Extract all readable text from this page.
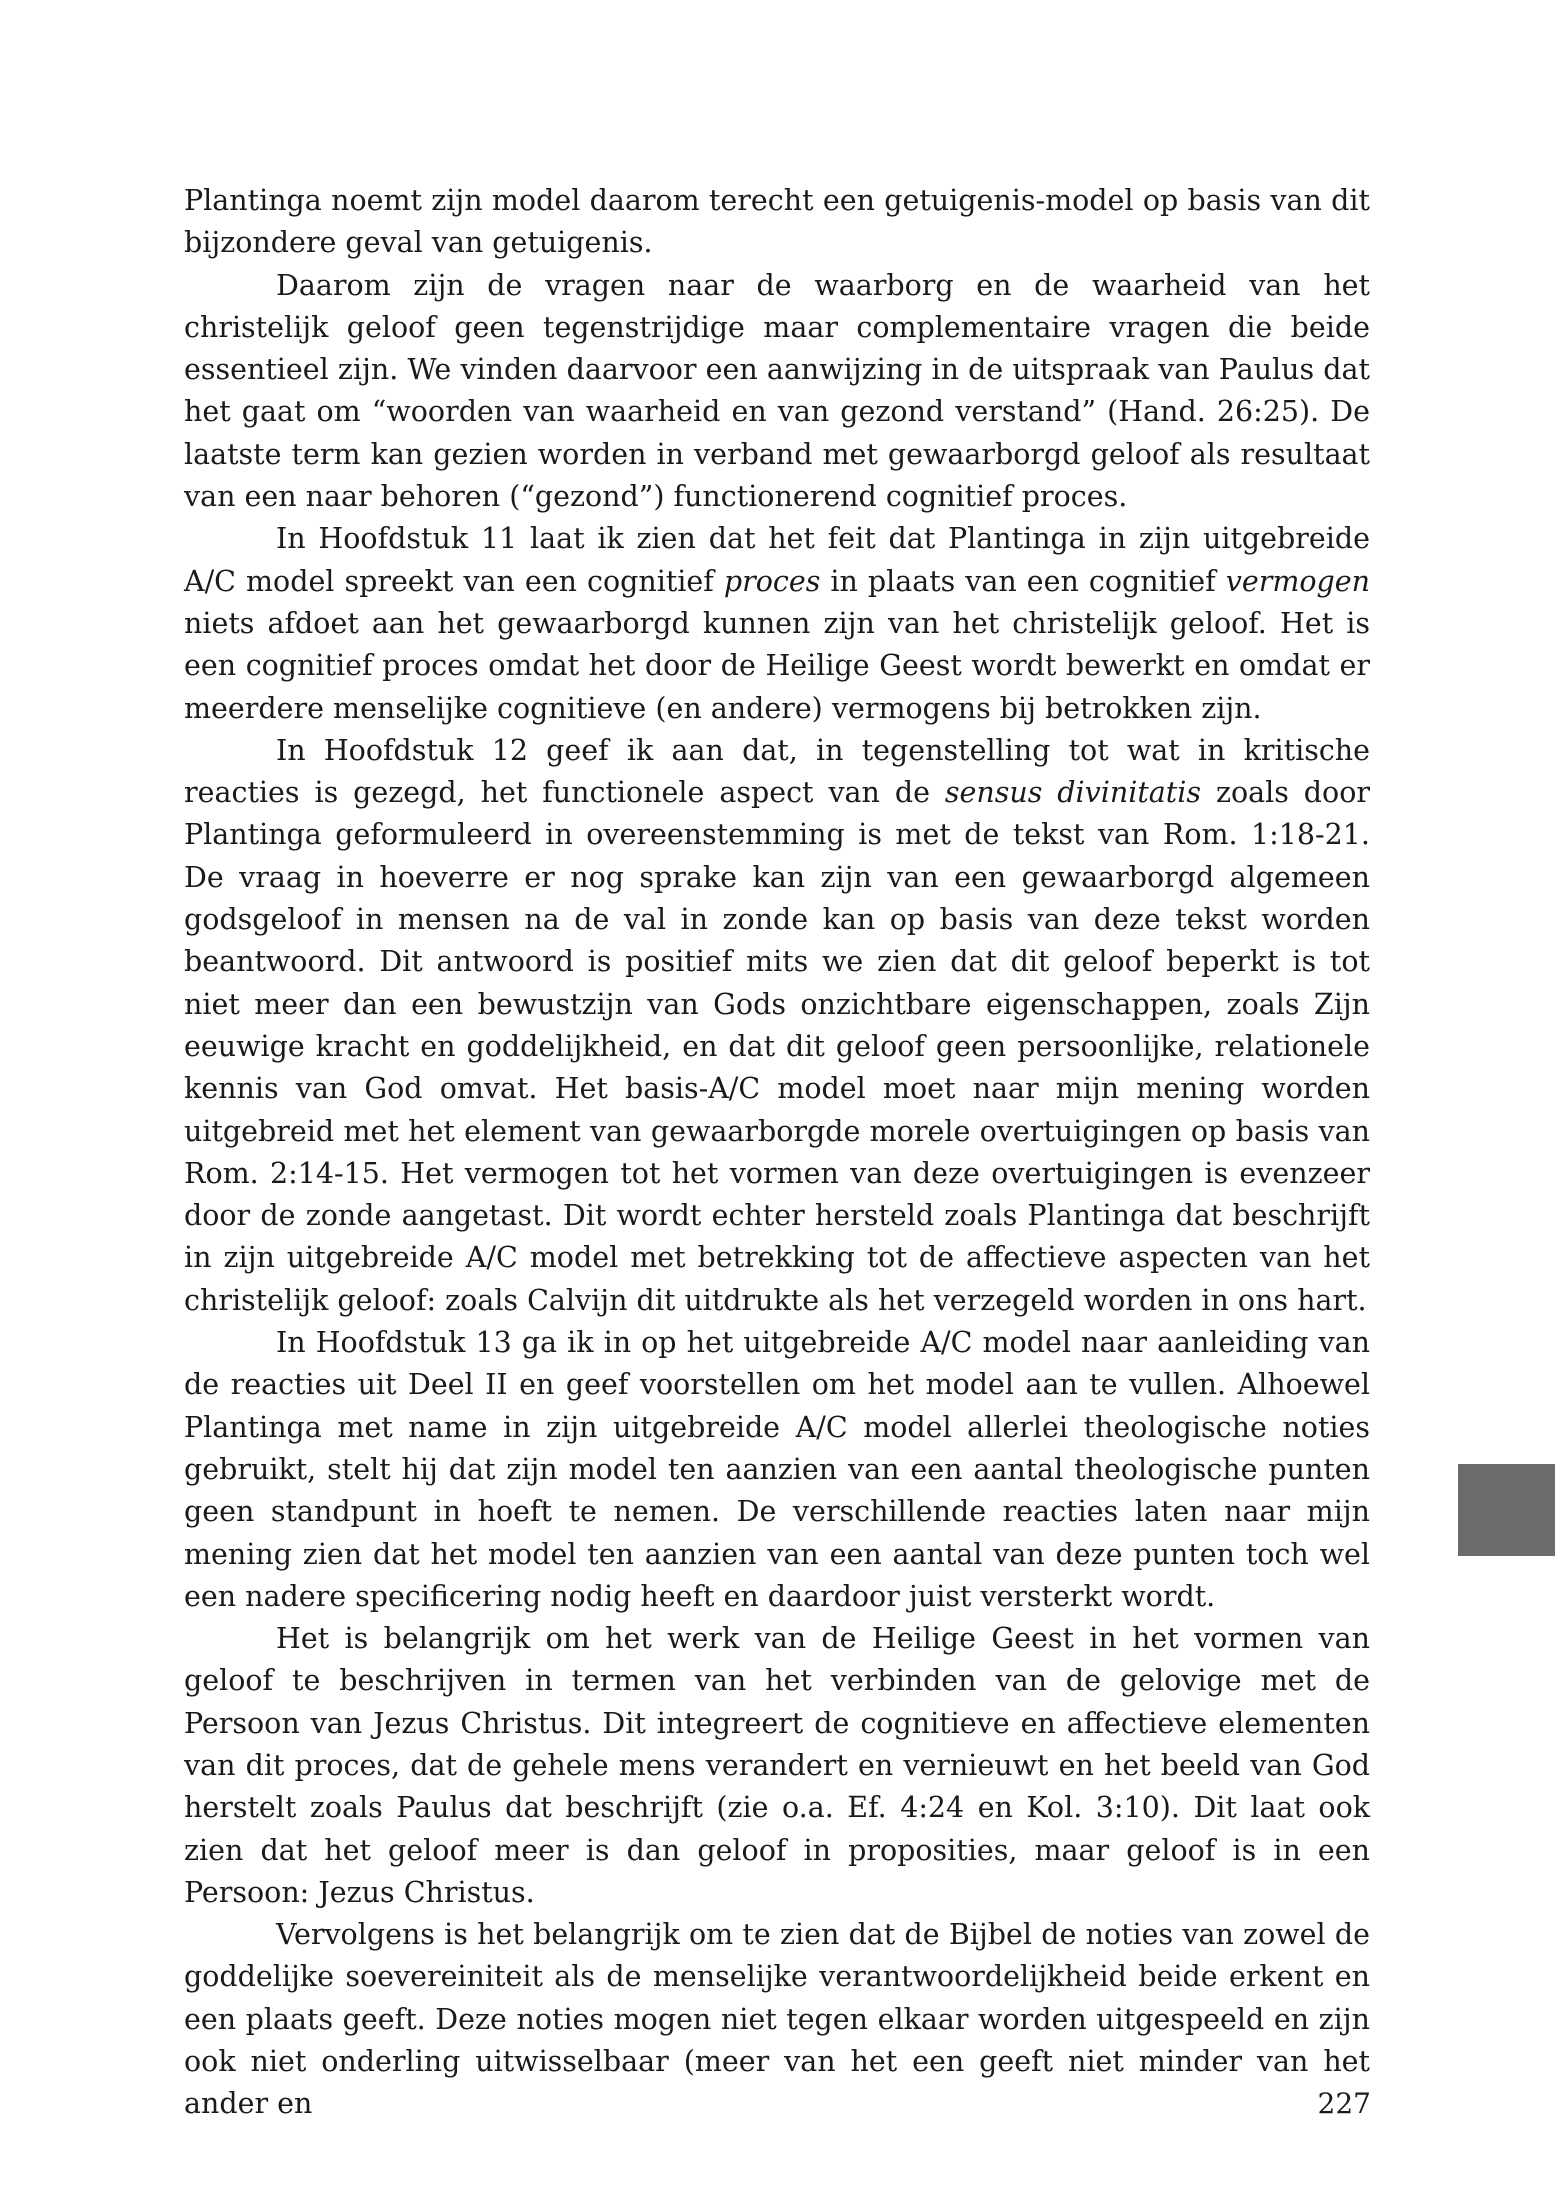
Plantinga noemt zijn model daarom terecht een getuigenis-model op basis van dit bijzondere geval van getuigenis.

Daarom zijn de vragen naar de waarborg en de waarheid van het christelijk geloof geen tegenstrijdige maar complementaire vragen die beide essentieel zijn. We vinden daarvoor een aanwijzing in de uitspraak van Paulus dat het gaat om “woorden van waarheid en van gezond verstand” (Hand. 26:25). De laatste term kan gezien worden in verband met gewaarborgd geloof als resultaat van een naar behoren (“gezond”) functionerend cognitief proces.

In Hoofdstuk 11 laat ik zien dat het feit dat Plantinga in zijn uitgebreide A/C model spreekt van een cognitief proces in plaats van een cognitief vermogen niets afdoet aan het gewaarborgd kunnen zijn van het christelijk geloof. Het is een cognitief proces omdat het door de Heilige Geest wordt bewerkt en omdat er meerdere menselijke cognitieve (en andere) vermogens bij betrokken zijn.

In Hoofdstuk 12 geef ik aan dat, in tegenstelling tot wat in kritische reacties is gezegd, het functionele aspect van de sensus divinitatis zoals door Plantinga geformuleerd in overeenstemming is met de tekst van Rom. 1:18-21. De vraag in hoeverre er nog sprake kan zijn van een gewaarborgd algemeen godsgeloof in mensen na de val in zonde kan op basis van deze tekst worden beantwoord. Dit antwoord is positief mits we zien dat dit geloof beperkt is tot niet meer dan een bewustzijn van Gods onzichtbare eigenschappen, zoals Zijn eeuwige kracht en goddelijkheid, en dat dit geloof geen persoonlijke, relationele kennis van God omvat. Het basis-A/C model moet naar mijn mening worden uitgebreid met het element van gewaarborgde morele overtuigingen op basis van Rom. 2:14-15. Het vermogen tot het vormen van deze overtuigingen is evenzeer door de zonde aangetast. Dit wordt echter hersteld zoals Plantinga dat beschrijft in zijn uitgebreide A/C model met betrekking tot de affectieve aspecten van het christelijk geloof: zoals Calvijn dit uitdrukte als het verzegeld worden in ons hart.

In Hoofdstuk 13 ga ik in op het uitgebreide A/C model naar aanleiding van de reacties uit Deel II en geef voorstellen om het model aan te vullen. Alhoewel Plantinga met name in zijn uitgebreide A/C model allerlei theologische noties gebruikt, stelt hij dat zijn model ten aanzien van een aantal theologische punten geen standpunt in hoeft te nemen. De verschillende reacties laten naar mijn mening zien dat het model ten aanzien van een aantal van deze punten toch wel een nadere specificering nodig heeft en daardoor juist versterkt wordt.

Het is belangrijk om het werk van de Heilige Geest in het vormen van geloof te beschrijven in termen van het verbinden van de gelovige met de Persoon van Jezus Christus. Dit integreert de cognitieve en affectieve elementen van dit proces, dat de gehele mens verandert en vernieuwt en het beeld van God herstelt zoals Paulus dat beschrijft (zie o.a. Ef. 4:24 en Kol. 3:10). Dit laat ook zien dat het geloof meer is dan geloof in proposities, maar geloof is in een Persoon: Jezus Christus.

Vervolgens is het belangrijk om te zien dat de Bijbel de noties van zowel de goddelijke soevereiniteit als de menselijke verantwoordelijkheid beide erkent en een plaats geeft. Deze noties mogen niet tegen elkaar worden uitgespeeld en zijn ook niet onderling uitwisselbaar (meer van het een geeft niet minder van het ander en	227
